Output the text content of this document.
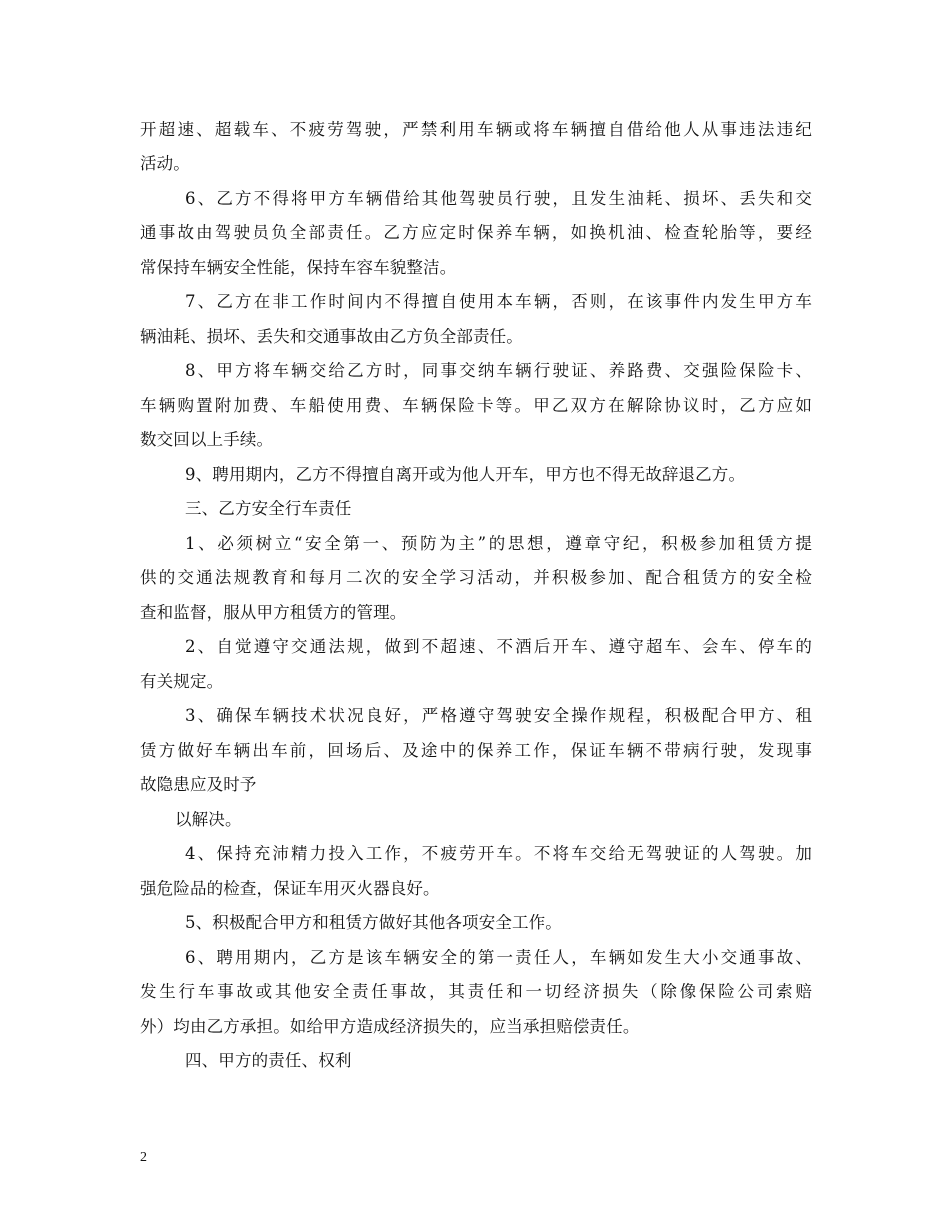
开超速、超载车、不疲劳驾驶，严禁利用车辆或将车辆擅自借给他人从事违法违纪
活动。
6、乙方不得将甲方车辆借给其他驾驶员行驶，且发生油耗、损坏、丢失和交
通事故由驾驶员负全部责任。乙方应定时保养车辆，如换机油、检查轮胎等，要经
常保持车辆安全性能，保持车容车貌整洁。
7、乙方在非工作时间内不得擅自使用本车辆，否则，在该事件内发生甲方车
辆油耗、损坏、丢失和交通事故由乙方负全部责任。
8、甲方将车辆交给乙方时，同事交纳车辆行驶证、养路费、交强险保险卡、
车辆购置附加费、车船使用费、车辆保险卡等。甲乙双方在解除协议时，乙方应如
数交回以上手续。
9、聘用期内，乙方不得擅自离开或为他人开车，甲方也不得无故辞退乙方。
三、乙方安全行车责任
1、必须树立“安全第一、预防为主”的思想，遵章守纪，积极参加租赁方提
供的交通法规教育和每月二次的安全学习活动，并积极参加、配合租赁方的安全检
查和监督，服从甲方租赁方的管理。
2、自觉遵守交通法规，做到不超速、不酒后开车、遵守超车、会车、停车的
有关规定。
3、确保车辆技术状况良好，严格遵守驾驶安全操作规程，积极配合甲方、租
赁方做好车辆出车前，回场后、及途中的保养工作，保证车辆不带病行驶，发现事
故隐患应及时予
以解决。
4、保持充沛精力投入工作，不疲劳开车。不将车交给无驾驶证的人驾驶。加
强危险品的检查，保证车用灭火器良好。
5、积极配合甲方和租赁方做好其他各项安全工作。
6、聘用期内，乙方是该车辆安全的第一责任人，车辆如发生大小交通事故、
发生行车事故或其他安全责任事故，其责任和一切经济损失（除像保险公司索赔
外）均由乙方承担。如给甲方造成经济损失的，应当承担赔偿责任。
四、甲方的责任、权利
2
